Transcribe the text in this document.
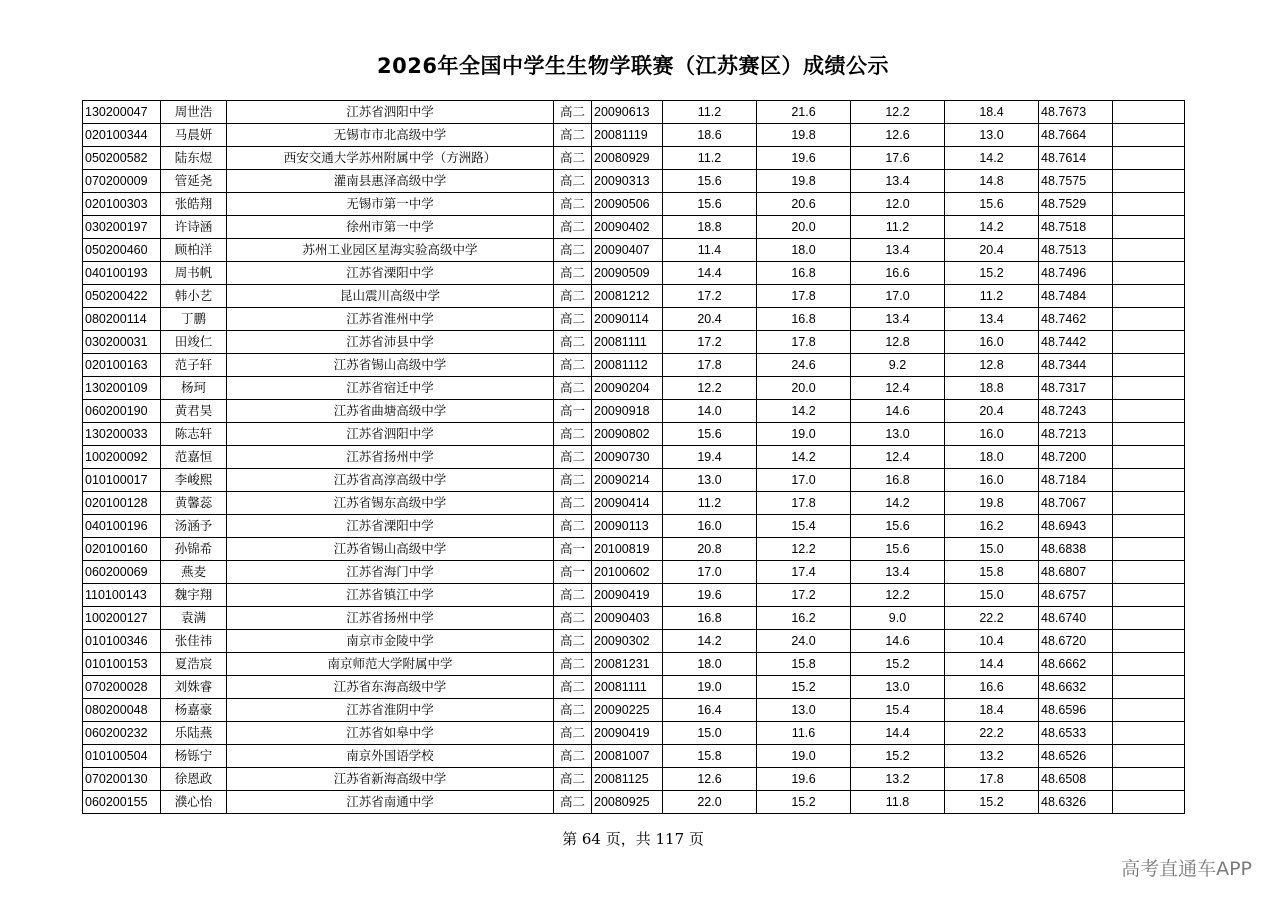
2026年全国中学生生物学联赛（江苏赛区）成绩公示
130200047	周世浩	江苏省泗阳中学	高二	20090613	11.2	21.6	12.2	18.4	48.7673	
020100344	马晨妍	无锡市市北高级中学	高二	20081119	18.6	19.8	12.6	13.0	48.7664	
050200582	陆东煜	西安交通大学苏州附属中学（方洲路）	高二	20080929	11.2	19.6	17.6	14.2	48.7614	
070200009	管延尧	灌南县惠泽高级中学	高二	20090313	15.6	19.8	13.4	14.8	48.7575	
020100303	张皓翔	无锡市第一中学	高二	20090506	15.6	20.6	12.0	15.6	48.7529	
030200197	许诗涵	徐州市第一中学	高二	20090402	18.8	20.0	11.2	14.2	48.7518	
050200460	顾柏洋	苏州工业园区星海实验高级中学	高二	20090407	11.4	18.0	13.4	20.4	48.7513	
040100193	周书帆	江苏省溧阳中学	高二	20090509	14.4	16.8	16.6	15.2	48.7496	
050200422	韩小艺	昆山震川高级中学	高二	20081212	17.2	17.8	17.0	11.2	48.7484	
080200114	丁鹏	江苏省淮州中学	高二	20090114	20.4	16.8	13.4	13.4	48.7462	
030200031	田竣仁	江苏省沛县中学	高二	20081111	17.2	17.8	12.8	16.0	48.7442	
020100163	范子轩	江苏省锡山高级中学	高二	20081112	17.8	24.6	9.2	12.8	48.7344	
130200109	杨珂	江苏省宿迁中学	高二	20090204	12.2	20.0	12.4	18.8	48.7317	
060200190	黄君昊	江苏省曲塘高级中学	高一	20090918	14.0	14.2	14.6	20.4	48.7243	
130200033	陈志轩	江苏省泗阳中学	高二	20090802	15.6	19.0	13.0	16.0	48.7213	
100200092	范嘉恒	江苏省扬州中学	高二	20090730	19.4	14.2	12.4	18.0	48.7200	
010100017	李峻熙	江苏省高淳高级中学	高二	20090214	13.0	17.0	16.8	16.0	48.7184	
020100128	黄馨蕊	江苏省锡东高级中学	高二	20090414	11.2	17.8	14.2	19.8	48.7067	
040100196	汤涵予	江苏省溧阳中学	高二	20090113	16.0	15.4	15.6	16.2	48.6943	
020100160	孙锦希	江苏省锡山高级中学	高一	20100819	20.8	12.2	15.6	15.0	48.6838	
060200069	燕麦	江苏省海门中学	高一	20100602	17.0	17.4	13.4	15.8	48.6807	
110100143	魏宇翔	江苏省镇江中学	高二	20090419	19.6	17.2	12.2	15.0	48.6757	
100200127	袁满	江苏省扬州中学	高二	20090403	16.8	16.2	9.0	22.2	48.6740	
010100346	张佳祎	南京市金陵中学	高二	20090302	14.2	24.0	14.6	10.4	48.6720	
010100153	夏浩宸	南京师范大学附属中学	高二	20081231	18.0	15.8	15.2	14.4	48.6662	
070200028	刘姝睿	江苏省东海高级中学	高二	20081111	19.0	15.2	13.0	16.6	48.6632	
080200048	杨嘉豪	江苏省淮阴中学	高二	20090225	16.4	13.0	15.4	18.4	48.6596	
060200232	乐陆燕	江苏省如皋中学	高二	20090419	15.0	11.6	14.4	22.2	48.6533	
010100504	杨铄宁	南京外国语学校	高二	20081007	15.8	19.0	15.2	13.2	48.6526	
070200130	徐恩政	江苏省新海高级中学	高二	20081125	12.6	19.6	13.2	17.8	48.6508	
060200155	濮心怡	江苏省南通中学	高二	20080925	22.0	15.2	11.8	15.2	48.6326	
第 64 页，共 117 页
高考直通车APP
